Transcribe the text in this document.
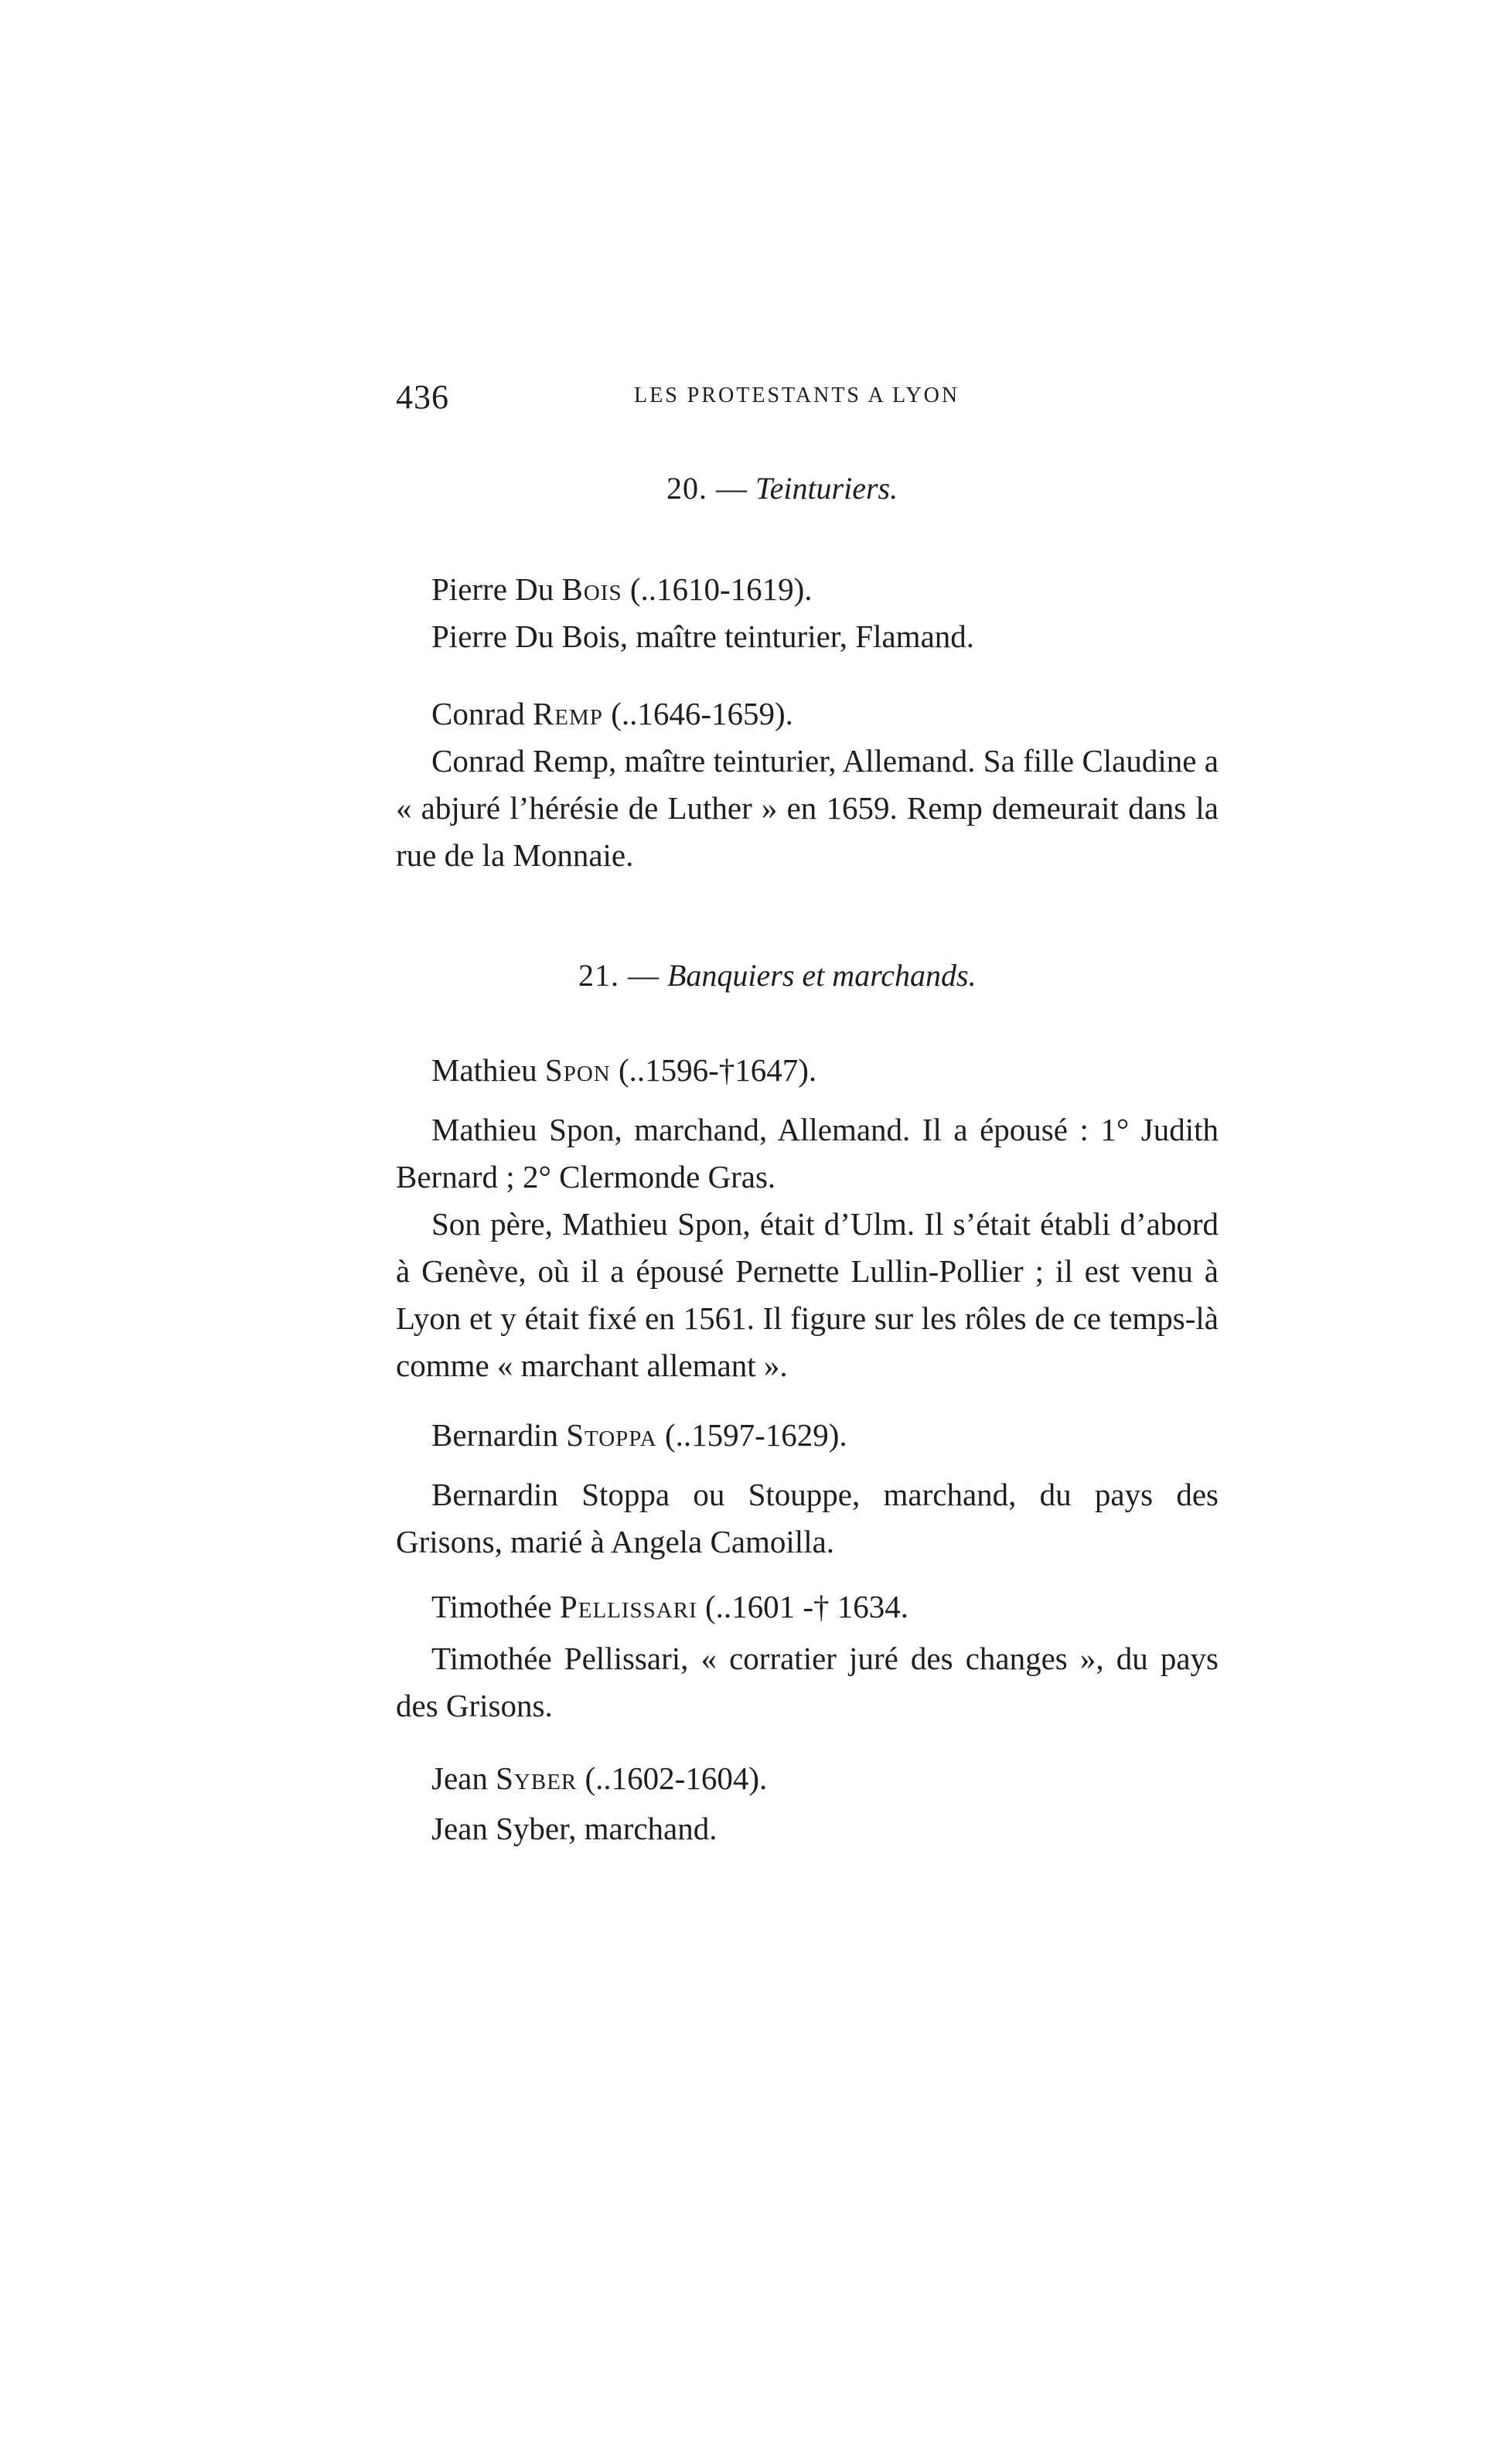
436	LES PROTESTANTS A LYON
20. — Teinturiers.
Pierre Du Bois (..1610-1619).
Pierre Du Bois, maître teinturier, Flamand.
Conrad Remp (..1646-1659).
Conrad Remp, maître teinturier, Allemand. Sa fille Claudine a « abjuré l’hérésie de Luther » en 1659. Remp demeurait dans la rue de la Monnaie.
21. — Banquiers et marchands.
Mathieu Spon (..1596-†1647).
Mathieu Spon, marchand, Allemand. Il a épousé : 1° Judith Bernard ; 2° Clermonde Gras.
Son père, Mathieu Spon, était d’Ulm. Il s’était établi d’abord à Genève, où il a épousé Pernette Lullin-Pollier ; il est venu à Lyon et y était fixé en 1561. Il figure sur les rôles de ce temps-là comme « marchant allemant ».
Bernardin Stoppa (..1597-1629).
Bernardin Stoppa ou Stouppe, marchand, du pays des Grisons, marié à Angela Camoilla.
Timothée Pellissari (..1601 -† 1634.
Timothée Pellissari, « corratier juré des changes », du pays des Grisons.
Jean Syber (..1602-1604).
Jean Syber, marchand.
